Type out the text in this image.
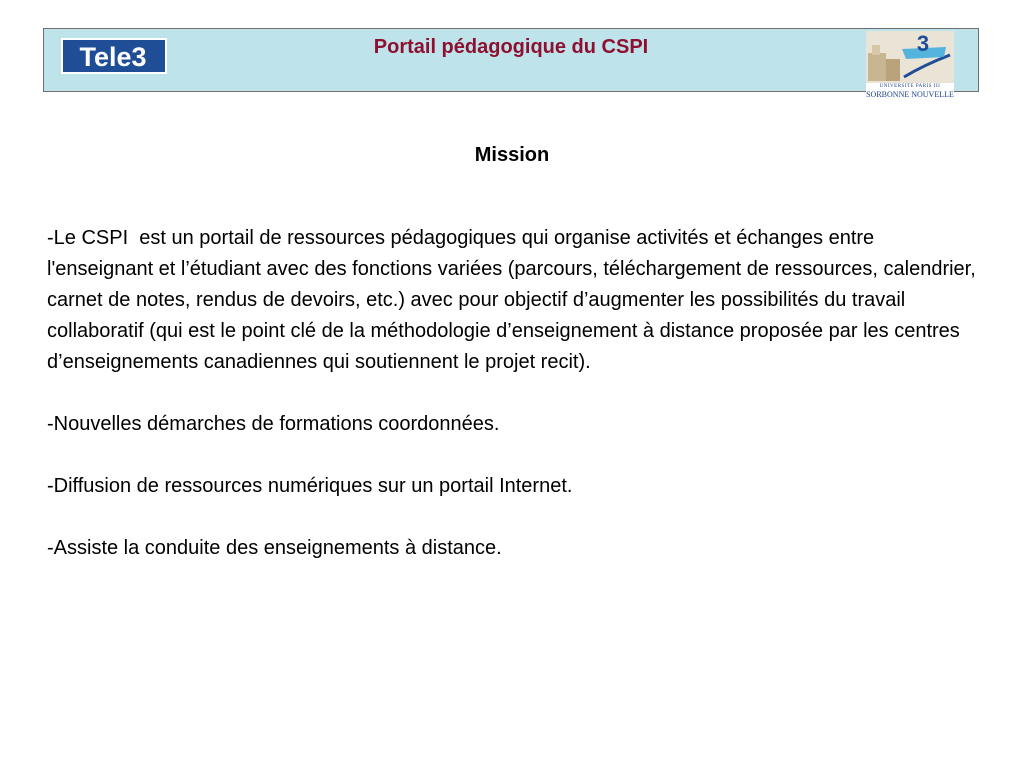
Tele3	Portail pédagogique du CSPI	3
UNIVERSITE PARIS III
SORBONNE NOUVELLE
Mission

-Le CSPI  est un portail de ressources pédagogiques qui organise activités et échanges entre l'enseignant et l’étudiant avec des fonctions variées (parcours, téléchargement de ressources, calendrier, carnet de notes, rendus de devoirs, etc.) avec pour objectif d’augmenter les possibilités du travail collaboratif (qui est le point clé de la méthodologie d’enseignement à distance proposée par les centres d’enseignements canadiennes qui soutiennent le projet recit).

-Nouvelles démarches de formations coordonnées.

-Diffusion de ressources numériques sur un portail Internet.

-Assiste la conduite des enseignements à distance.
